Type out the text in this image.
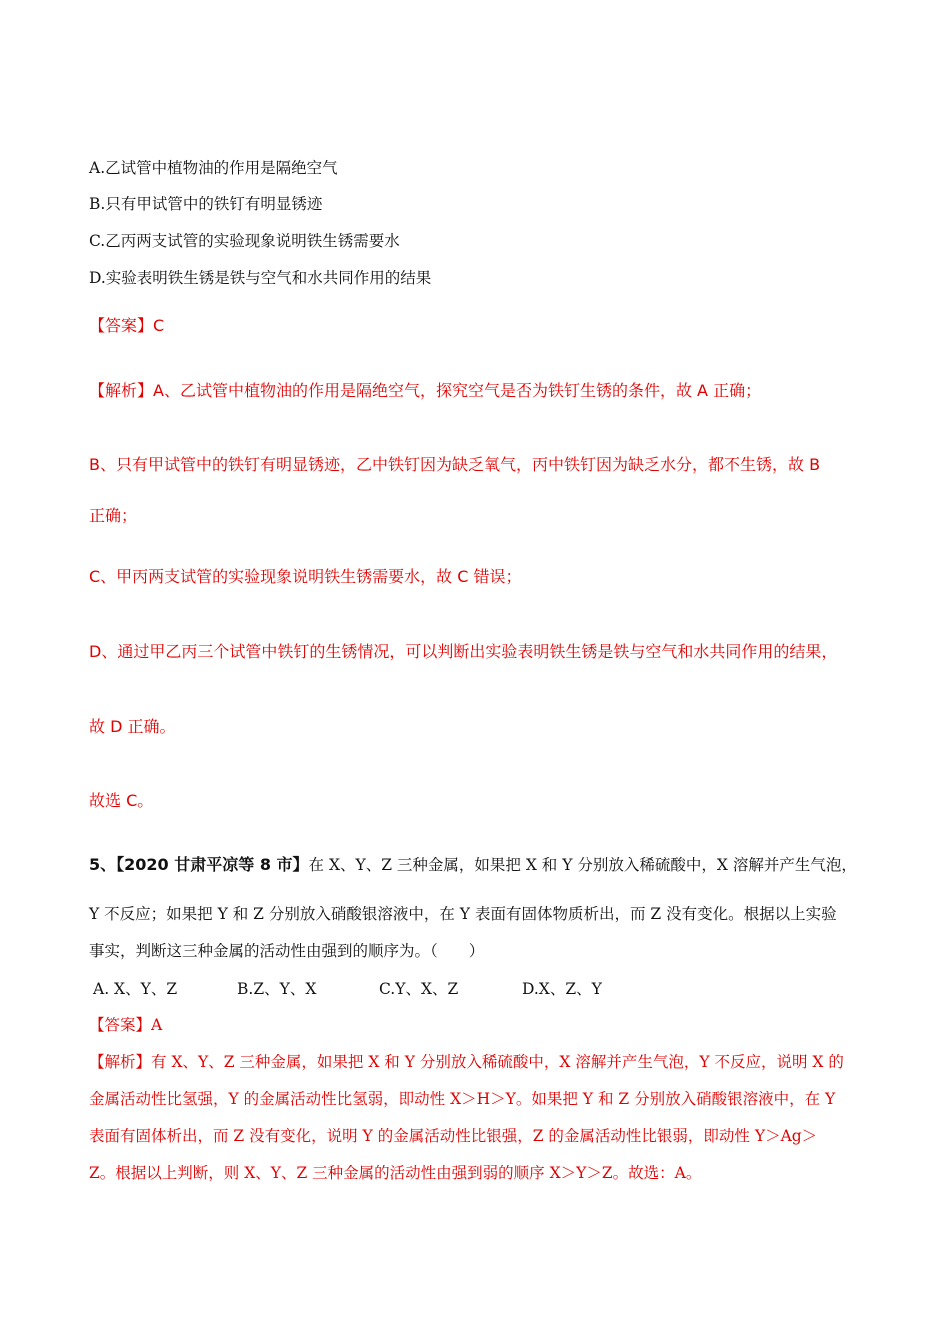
A.乙试管中植物油的作用是隔绝空气
B.只有甲试管中的铁钉有明显锈迹
C.乙丙两支试管的实验现象说明铁生锈需要水
D.实验表明铁生锈是铁与空气和水共同作用的结果
【答案】C
【解析】A、乙试管中植物油的作用是隔绝空气，探究空气是否为铁钉生锈的条件，故 A 正确；
B、只有甲试管中的铁钉有明显锈迹，乙中铁钉因为缺乏氧气，丙中铁钉因为缺乏水分，都不生锈，故 B
正确；
C、甲丙两支试管的实验现象说明铁生锈需要水，故 C 错误；
D、通过甲乙丙三个试管中铁钉的生锈情况，可以判断出实验表明铁生锈是铁与空气和水共同作用的结果，
故 D 正确。
故选 C。
5、【2020 甘肃平凉等 8 市】在 X、Y、Z 三种金属，如果把 X 和 Y 分别放入稀硫酸中，X 溶解并产生气泡，
Y 不反应；如果把 Y 和 Z 分别放入硝酸银溶液中，在 Y 表面有固体物质析出，而 Z 没有变化。根据以上实验
事实，判断这三种金属的活动性由强到的顺序为。（　　）
A. X、Y、Z	B.Z、Y、X	C.Y、X、Z	D.X、Z、Y
【答案】A
【解析】有 X、Y、Z 三种金属，如果把 X 和 Y 分别放入稀硫酸中，X 溶解并产生气泡，Y 不反应，说明 X 的
金属活动性比氢强，Y 的金属活动性比氢弱，即动性 X＞H＞Y。如果把 Y 和 Z 分别放入硝酸银溶液中，在 Y
表面有固体析出，而 Z 没有变化，说明 Y 的金属活动性比银强，Z 的金属活动性比银弱，即动性 Y＞Ag＞
Z。根据以上判断，则 X、Y、Z 三种金属的活动性由强到弱的顺序 X＞Y＞Z。故选：A。
